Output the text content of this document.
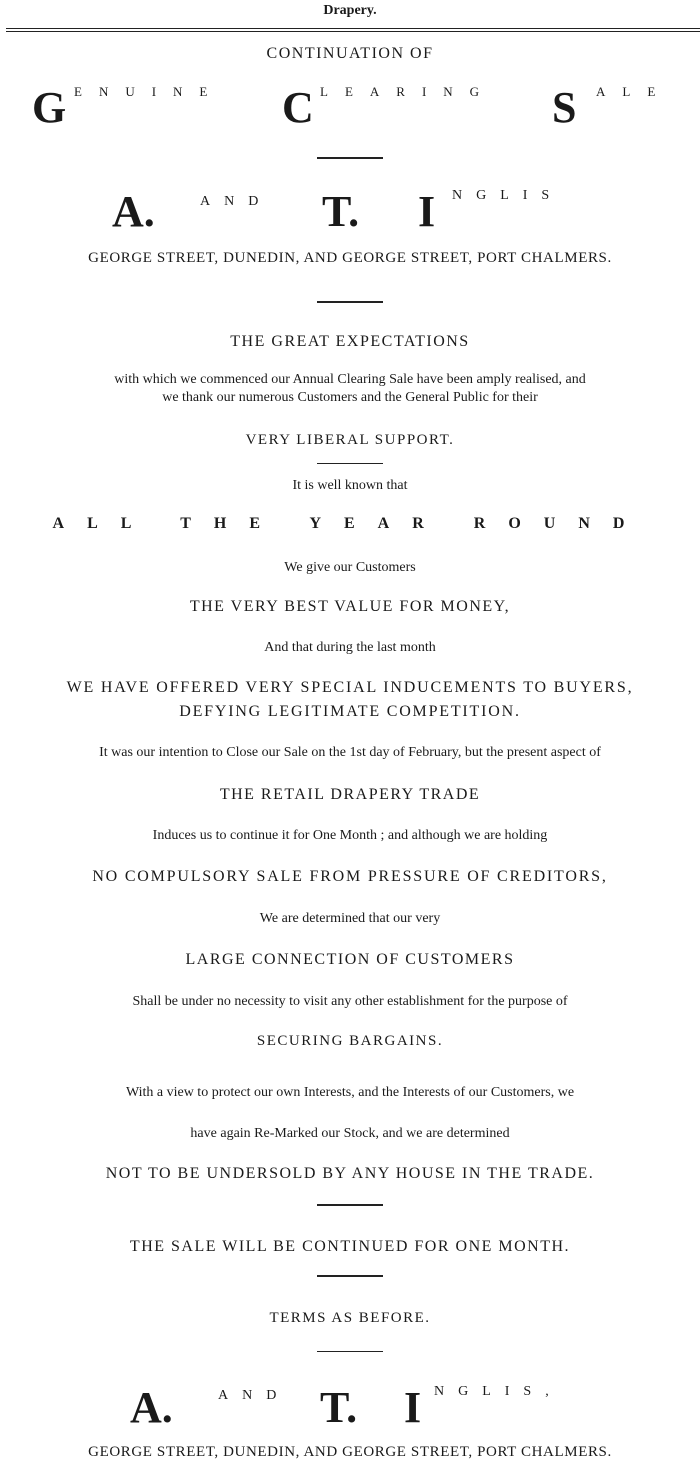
Drapery.
CONTINUATION OF
G ENUINE C LEARING S ALE
A.	AND T. I NGLIS
GEORGE STREET, DUNEDIN, AND GEORGE STREET, PORT CHALMERS.
THE GREAT EXPECTATIONS
with which we commenced our Annual Clearing Sale have been amply realised, and
we thank our numerous Customers and the General Public for their
VERY LIBERAL SUPPORT.
It is well known that
ALL THE YEAR ROUND
We give our Customers
THE VERY BEST VALUE FOR MONEY,
And that during the last month
WE HAVE OFFERED VERY SPECIAL INDUCEMENTS TO BUYERS,
DEFYING LEGITIMATE COMPETITION.
It was our intention to Close our Sale on the 1st day of February, but the present aspect of
THE RETAIL DRAPERY TRADE
Induces us to continue it for One Month ; and although we are holding
NO COMPULSORY SALE FROM PRESSURE OF CREDITORS,
We are determined that our very
LARGE CONNECTION OF CUSTOMERS
Shall be under no necessity to visit any other establishment for the purpose of
SECURING BARGAINS.
With a view to protect our own Interests, and the Interests of our Customers, we
have again Re-Marked our Stock, and we are determined
NOT TO BE UNDERSOLD BY ANY HOUSE IN THE TRADE.
THE SALE WILL BE CONTINUED FOR ONE MONTH.
TERMS AS BEFORE.
A.	AND T. I NGLIS,
GEORGE STREET, DUNEDIN, AND GEORGE STREET, PORT CHALMERS.
